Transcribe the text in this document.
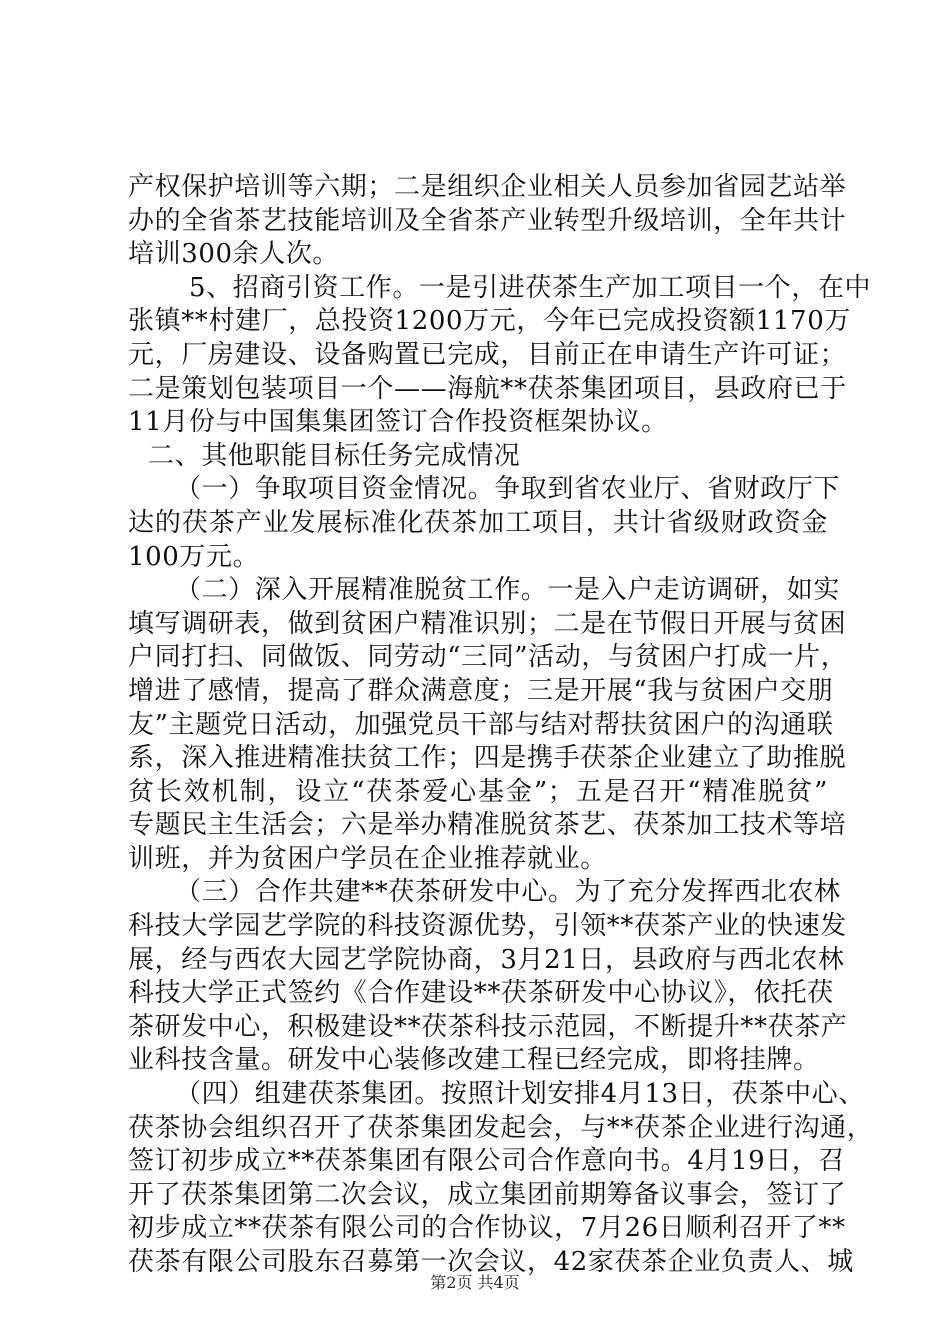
产权保护培训等六期；二是组织企业相关人员参加省园艺站举
办的全省茶艺技能培训及全省茶产业转型升级培训，全年共计
培训300余人次。
5、招商引资工作。一是引进茯茶生产加工项目一个，在中
张镇**村建厂，总投资1200万元，今年已完成投资额1170万
元，厂房建设、设备购置已完成，目前正在申请生产许可证；
二是策划包装项目一个——海航**茯茶集团项目，县政府已于
11月份与中国集集团签订合作投资框架协议。
二、其他职能目标任务完成情况
（一）争取项目资金情况。争取到省农业厅、省财政厅下
达的茯茶产业发展标准化茯茶加工项目，共计省级财政资金
100万元。
（二）深入开展精准脱贫工作。一是入户走访调研，如实
填写调研表，做到贫困户精准识别；二是在节假日开展与贫困
户同打扫、同做饭、同劳动“三同”活动，与贫困户打成一片，
增进了感情，提高了群众满意度；三是开展“我与贫困户交朋
友”主题党日活动，加强党员干部与结对帮扶贫困户的沟通联
系，深入推进精准扶贫工作；四是携手茯茶企业建立了助推脱
贫长效机制，设立“茯茶爱心基金”；五是召开“精准脱贫”
专题民主生活会；六是举办精准脱贫茶艺、茯茶加工技术等培
训班，并为贫困户学员在企业推荐就业。
（三）合作共建**茯茶研发中心。为了充分发挥西北农林
科技大学园艺学院的科技资源优势，引领**茯茶产业的快速发
展，经与西农大园艺学院协商，3月21日，县政府与西北农林
科技大学正式签约《合作建设**茯茶研发中心协议》，依托茯
茶研发中心，积极建设**茯茶科技示范园，不断提升**茯茶产
业科技含量。研发中心装修改建工程已经完成，即将挂牌。
（四）组建茯茶集团。按照计划安排4月13日，茯茶中心、
茯茶协会组织召开了茯茶集团发起会，与**茯茶企业进行沟通，
签订初步成立**茯茶集团有限公司合作意向书。4月19日，召
开了茯茶集团第二次会议，成立集团前期筹备议事会，签订了
初步成立**茯茶有限公司的合作协议，7月26日顺利召开了**
茯茶有限公司股东召募第一次会议，42家茯茶企业负责人、城
第2页 共4页
